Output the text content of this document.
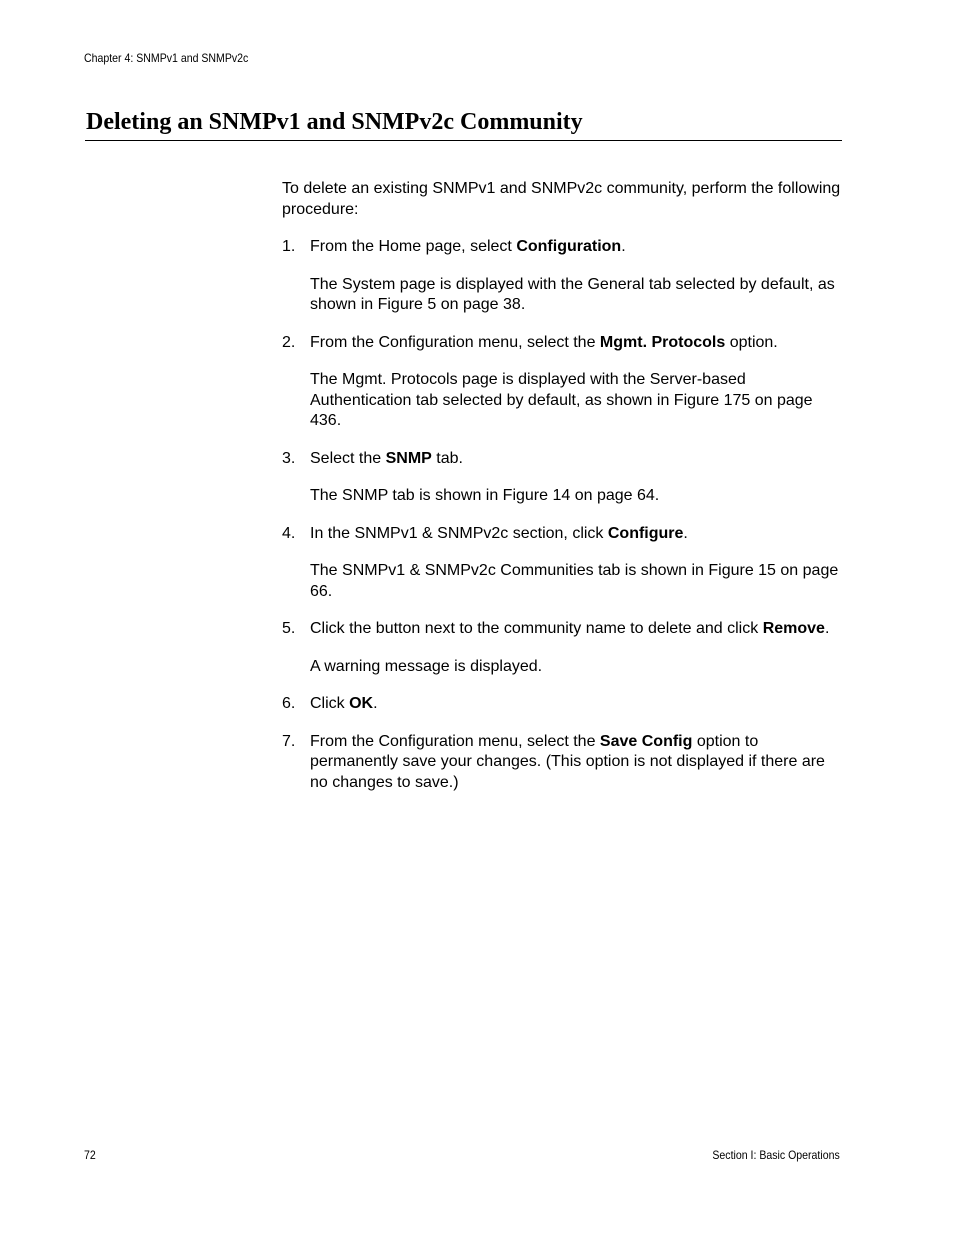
Chapter 4: SNMPv1 and SNMPv2c
Deleting an SNMPv1 and SNMPv2c Community

To delete an existing SNMPv1 and SNMPv2c community, perform the following procedure:

1. From the Home page, select Configuration.

The System page is displayed with the General tab selected by default, as shown in Figure 5 on page 38.

2. From the Configuration menu, select the Mgmt. Protocols option.

The Mgmt. Protocols page is displayed with the Server-based Authentication tab selected by default, as shown in Figure 175 on page 436.

3. Select the SNMP tab.

The SNMP tab is shown in Figure 14 on page 64.

4. In the SNMPv1 & SNMPv2c section, click Configure.

The SNMPv1 & SNMPv2c Communities tab is shown in Figure 15 on page 66.

5. Click the button next to the community name to delete and click Remove.

A warning message is displayed.

6. Click OK.
7. From the Configuration menu, select the Save Config option to permanently save your changes. (This option is not displayed if there are no changes to save.)
72	Section I: Basic Operations
